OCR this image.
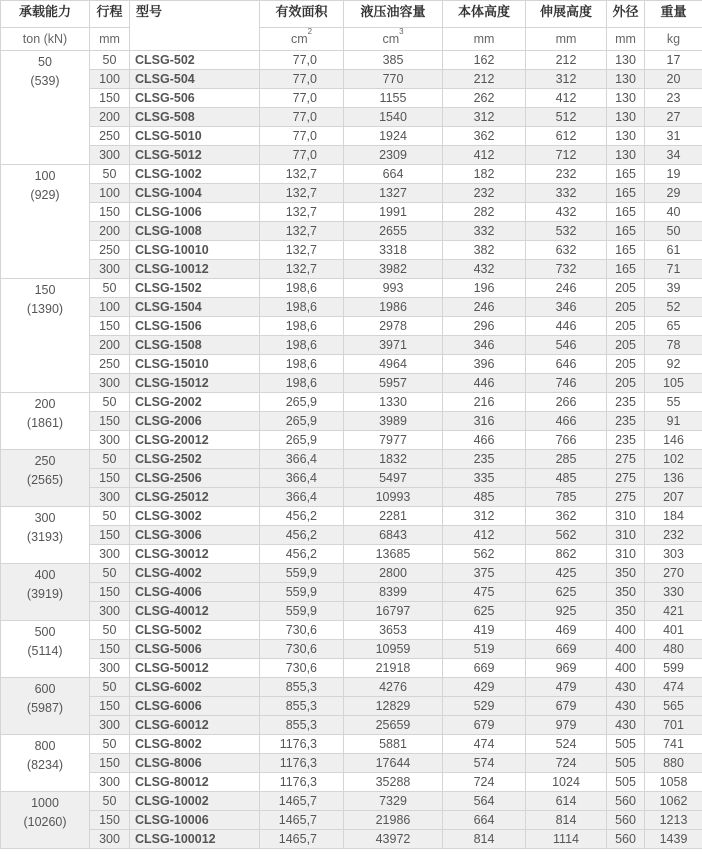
承载能力	行程	型号	有效面积	液压油容量	本体高度	伸展高度	外径	重量
ton (kN)	mm		$cm^2$	$cm^3$	mm	mm	mm	kg

50
(539)	50	CLSG-502	77,0	385	162	212	130	17
	100	CLSG-504	77,0	770	212	312	130	20
	150	CLSG-506	77,0	1155	262	412	130	23
	200	CLSG-508	77,0	1540	312	512	130	27
	250	CLSG-5010	77,0	1924	362	612	130	31
	300	CLSG-5012	77,0	2309	412	712	130	34

100
(929)	50	CLSG-1002	132,7	664	182	232	165	19
	100	CLSG-1004	132,7	1327	232	332	165	29
	150	CLSG-1006	132,7	1991	282	432	165	40
	200	CLSG-1008	132,7	2655	332	532	165	50
	250	CLSG-10010	132,7	3318	382	632	165	61
	300	CLSG-10012	132,7	3982	432	732	165	71

150
(1390)	50	CLSG-1502	198,6	993	196	246	205	39
	100	CLSG-1504	198,6	1986	246	346	205	52
	150	CLSG-1506	198,6	2978	296	446	205	65
	200	CLSG-1508	198,6	3971	346	546	205	78
	250	CLSG-15010	198,6	4964	396	646	205	92
	300	CLSG-15012	198,6	5957	446	746	205	105

200
(1861)	50	CLSG-2002	265,9	1330	216	266	235	55
	150	CLSG-2006	265,9	3989	316	466	235	91
	300	CLSG-20012	265,9	7977	466	766	235	146

250
(2565)	50	CLSG-2502	366,4	1832	235	285	275	102
	150	CLSG-2506	366,4	5497	335	485	275	136
	300	CLSG-25012	366,4	10993	485	785	275	207

300
(3193)	50	CLSG-3002	456,2	2281	312	362	310	184
	150	CLSG-3006	456,2	6843	412	562	310	232
	300	CLSG-30012	456,2	13685	562	862	310	303

400
(3919)	50	CLSG-4002	559,9	2800	375	425	350	270
	150	CLSG-4006	559,9	8399	475	625	350	330
	300	CLSG-40012	559,9	16797	625	925	350	421

500
(5114)	50	CLSG-5002	730,6	3653	419	469	400	401
	150	CLSG-5006	730,6	10959	519	669	400	480
	300	CLSG-50012	730,6	21918	669	969	400	599

600
(5987)	50	CLSG-6002	855,3	4276	429	479	430	474
	150	CLSG-6006	855,3	12829	529	679	430	565
	300	CLSG-60012	855,3	25659	679	979	430	701

800
(8234)	50	CLSG-8002	1176,3	5881	474	524	505	741
	150	CLSG-8006	1176,3	17644	574	724	505	880
	300	CLSG-80012	1176,3	35288	724	1024	505	1058

1000
(10260)	50	CLSG-10002	1465,7	7329	564	614	560	1062
	150	CLSG-10006	1465,7	21986	664	814	560	1213
	300	CLSG-100012	1465,7	43972	814	1114	560	1439
